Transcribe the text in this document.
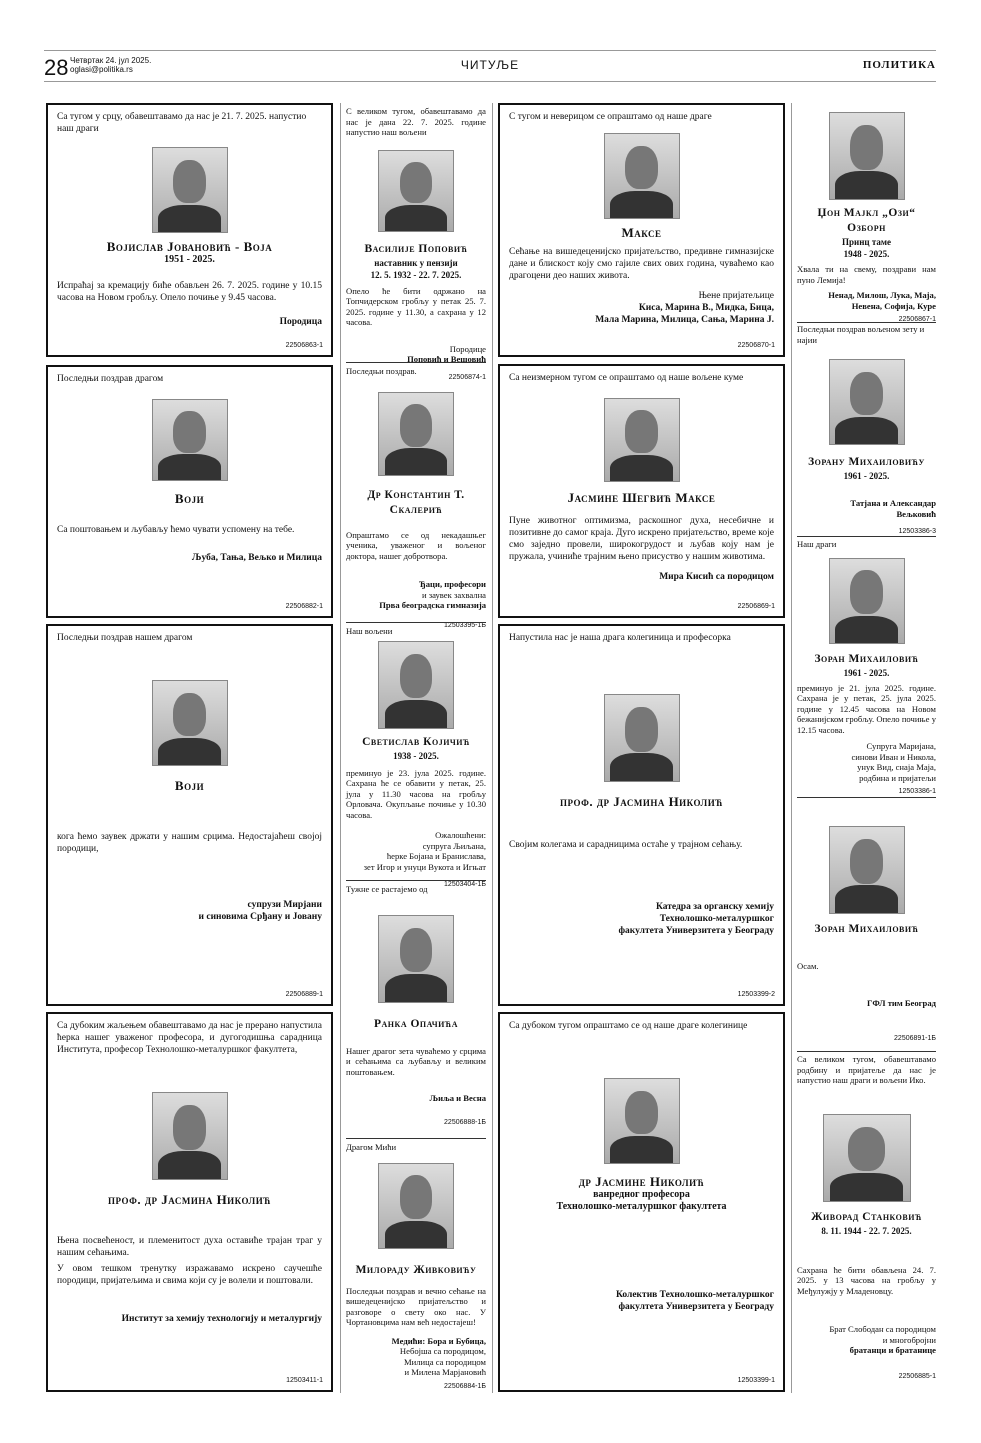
28 Четвртак 24. јул 2025.
oglasi@politika.rs	ЧИТУЉЕ	ПОЛИТИКА
Са тугом у срцу, обавештавамо да нас је 21. 7. 2025. напустио наш драги
Војислав Јовановић - Воја
1951 - 2025.
Испраћај за кремацију биће обављен 26. 7. 2025. године у 10.15 часова на Новом гробљу. Опело почиње у 9.45 часова.
Породица
22506863-1
Последњи поздрав драгом
Воји
Са поштовањем и љубављу ћемо чувати успомену на тебе.
Љуба, Тања, Вељко и Милица
22506882-1
Последњи поздрав нашем драгом
Воји
кога ћемо заувек држати у нашим срцима. Недостајаћеш својој породици,
супрузи Мирјани
и синовима Срђану и Јовану
22506889-1
Са дубоким жаљењем обавештавамо да нас је прерано напустила ћерка нашег уваженог професора, и дугогодишња сарадница Института, професор Технолошко-металуршког факултета,
проф. др Јасмина Николић
Њена посвећеност, и племенитост духа оставиће трајан траг у нашим сећањима.
У овом тешком тренутку изражавамо искрено саучешће породици, пријатељима и свима који су је волели и поштовали.
Институт за хемију технологију и металургију
12503411-1
С великом тугом, обавештавамо да нас је дана 22. 7. 2025. године напустио наш вољени
Василије Поповић
наставник у пензији
12. 5. 1932 - 22. 7. 2025.
Опело ће бити одржано на Топчидерском гробљу у петак 25. 7. 2025. године у 11.30, а сахрана у 12 часова.
Породице
Поповић и Вешовић
22506874-1
Последњи поздрав.
Др Константин Т. Скалерић
Опраштамо се од некадашњег ученика, уваженог и вољеног доктора, нашег добротвора.
Ђаци, професори
и заувек захвална
Прва београдска гимназија
12503395-1Б
Наш вољени
Светислав Којичић
1938 - 2025.
преминуо је 23. јула 2025. године. Сахрана ће се обавити у петак, 25. јула у 11.30 часова на гробљу Орловача. Окупљање почиње у 10.30 часова.
Ожалошћени:
супруга Љиљана,
ћерке Бојана и Бранислава,
зет Игор и унуци Вукота и Игњат
12503404-1Б
Тужне се растајемо од
Ранка Опачића
Нашег драгог зета чуваћемо у срцима и сећањима са љубављу и великим поштовањем.
Љиља и Весна
22506888-1Б
Драгом Мићи
Милораду Живковићу
Последњи поздрав и вечно сећање на вишедеценијско пријатељство и разговоре о свету око нас. У Чортановцима нам већ недостајеш!
Медићи: Бора и Бубица,
Небојша са породицом,
Милица са породицом
и Милена Марјановић
22506884-1Б
С тугом и неверицом се опраштамо од наше драге
Максе
Сећање на вишедеценијско пријатељство, предивне гимназијске дане и блискост коју смо гајиле свих ових година, чуваћемо као драгоцени део наших живота.
Њене пријатељице
Киса, Марина В., Мидка, Бица,
Мала Марина, Милица, Сања, Марина Ј.
22506870-1
Са неизмерном тугом се опраштамо од наше вољене куме
Јасмине Шегвић Максе
Пуне животног оптимизма, раскошног духа, несебичне и позитивне до самог краја. Дуго искрено пријатељство, време које смо заједно провели, широкогрудост и љубав коју нам је пружала, учиниће трајним њено присуство у нашим животима.
Мира Кисић са породицом
22506869-1
Напустила нас је наша драга колегиница и професорка
проф. др Јасмина Николић
Својим колегама и сарадницима остаће у трајном сећању.
Катедра за органску хемију
Технолошко-металуршког
факултета Универзитета у Београду
12503399-2
Са дубоком тугом опраштамо се од наше драге колегинице
др Јасмине Николић
ванредног професора
Технолошко-металуршког факултета
Колектив Технолошко-металуршког
факултета Универзитета у Београду
12503399-1
Џон Мајкл „Ози“ Озборн
Принц таме
1948 - 2025.
Хвала ти на свему, поздрави нам пуно Лемија!
Ненад, Милош, Лука, Маја, Невена, Софија, Куре
22506867-1
Последњи поздрав вољеном зету и најии
Зорану Михаиловићу
1961 - 2025.
Татјана и Александар
Вељковић
12503386-3
Наш драги
Зоран Михаиловић
1961 - 2025.
преминуо је 21. јула 2025. године. Сахрана је у петак, 25. јула 2025. године у 12.45 часова на Новом бежанијском гробљу. Опело почиње у 12.15 часова.
Супруга Маријана,
синови Иван и Никола,
унук Вид, снаја Маја,
родбина и пријатељи
12503386-1
Зоран Михаиловић
Осам.
ГФЛ тим Београд
22506891-1Б
Са великом тугом, обавештавамо родбину и пријатеље да нас је напустио наш драги и вољени Ико.
Живорад Станковић
8. 11. 1944 - 22. 7. 2025.
Сахрана ће бити обављена 24. 7. 2025. у 13 часова на гробљу у Међулужју у Младеновцу.
Брат Слободан са породицом
и многобројни
братанци и братанице
22506885-1
